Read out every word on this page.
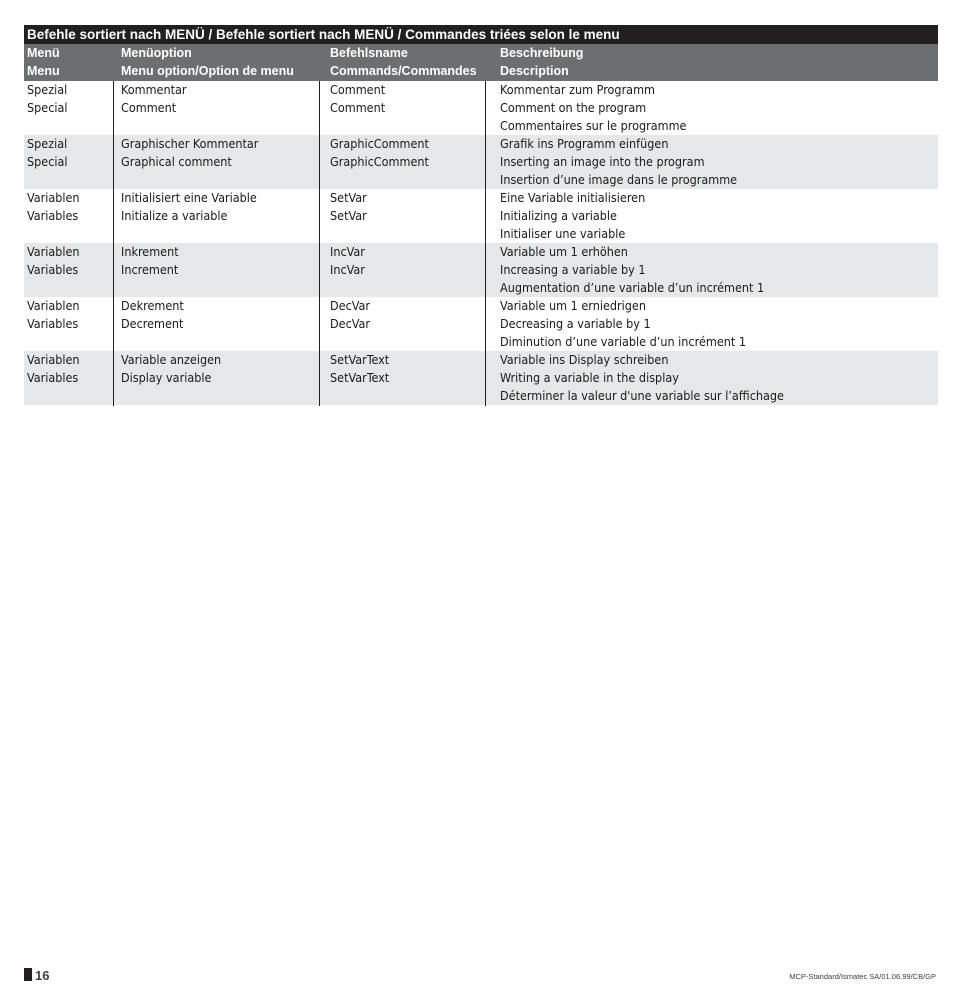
Befehle sortiert nach MENÜ / Befehle sortiert nach MENÜ / Commandes triées selon le menu
Menü
Menu
Menüoption
Menu option/Option de menu
Befehlsname
Commands/Commandes
Beschreibung
Description
Spezial
Special
Kommentar
Comment
Comment
Comment
Kommentar zum Programm
Comment on the program
Commentaires sur le programme
Spezial
Special
Graphischer Kommentar
Graphical comment
GraphicComment
GraphicComment
Grafik ins Programm einfügen
Inserting an image into the program
Insertion d’une image dans le programme
Variablen
Variables
Initialisiert eine Variable
Initialize a variable
SetVar
SetVar
Eine Variable initialisieren
Initializing a variable
Initialiser une variable
Variablen
Variables
Inkrement
Increment
IncVar
IncVar
Variable um 1 erhöhen
Increasing a variable by 1
Augmentation d’une variable d’un incrément 1
Variablen
Variables
Dekrement
Decrement
DecVar
DecVar
Variable um 1 erniedrigen
Decreasing a variable by 1
Diminution d’une variable d’un incrément 1
Variablen
Variables
Variable anzeigen
Display variable
SetVarText
SetVarText
Variable ins Display schreiben
Writing a variable in the display
Déterminer la valeur d'une variable sur l’affichage
16	MCP-Standard/Ismatec SA/01.06.99/CB/GP
